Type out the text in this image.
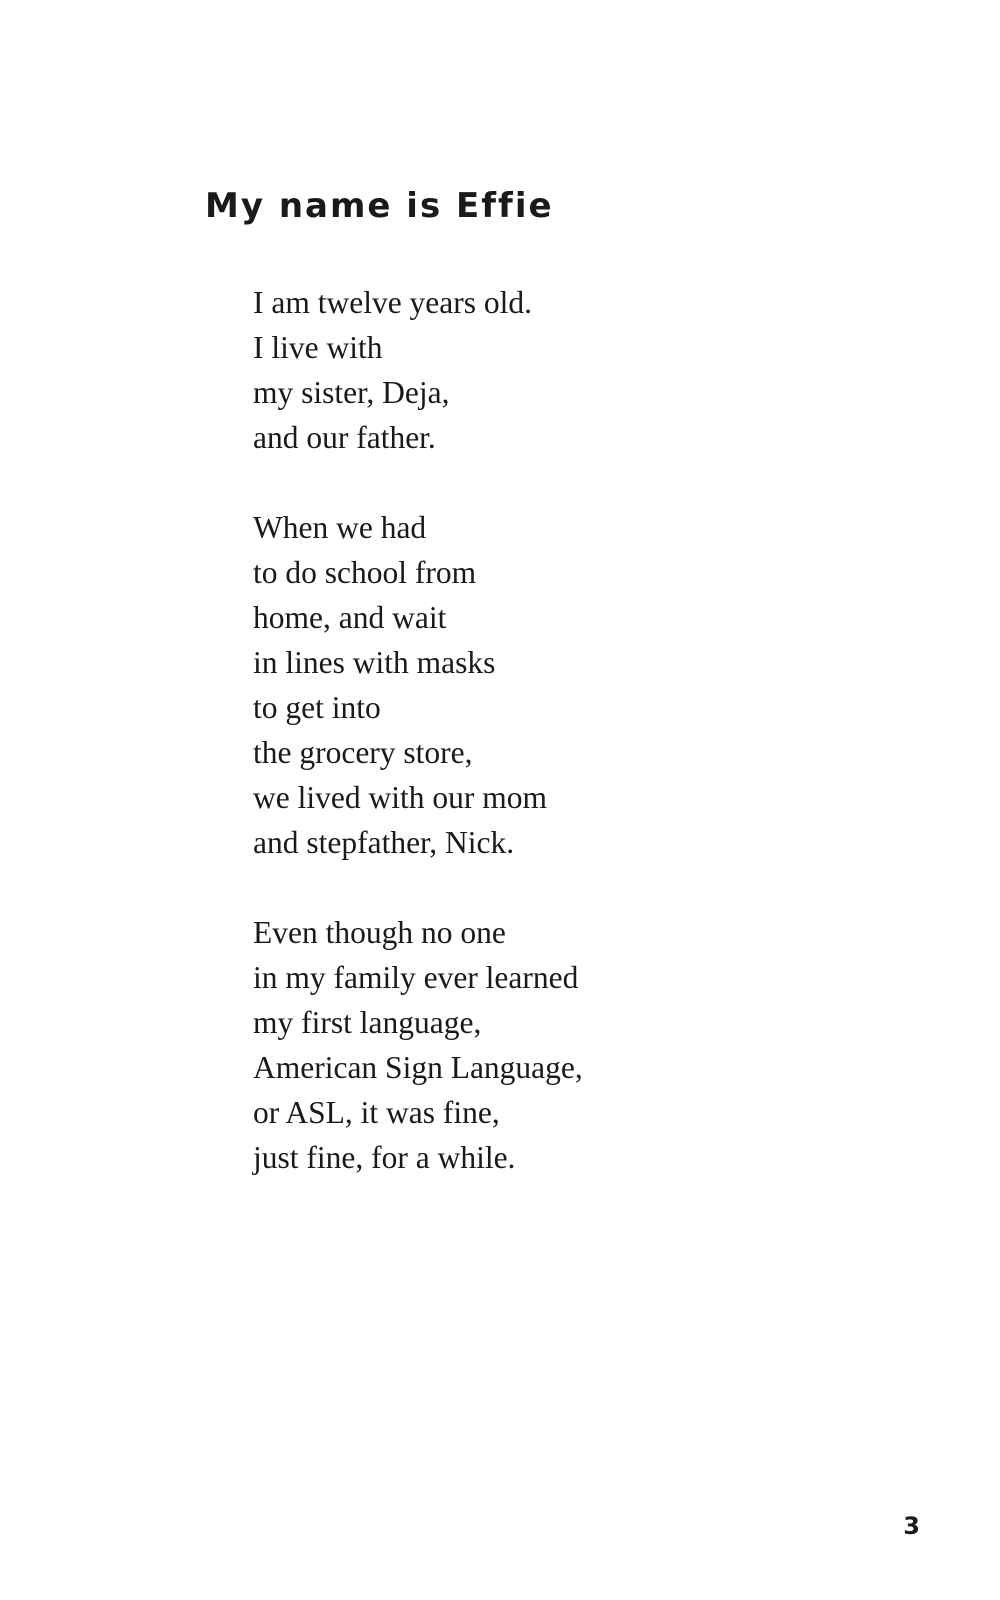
My name is Effie

I am twelve years old.
I live with
my sister, Deja,
and our father.

When we had
to do school from
home, and wait
in lines with masks
to get into
the grocery store,
we lived with our mom
and stepfather, Nick.

Even though no one
in my family ever learned
my first language,
American Sign Language,
or ASL, it was fine,
just fine, for a while.

3
